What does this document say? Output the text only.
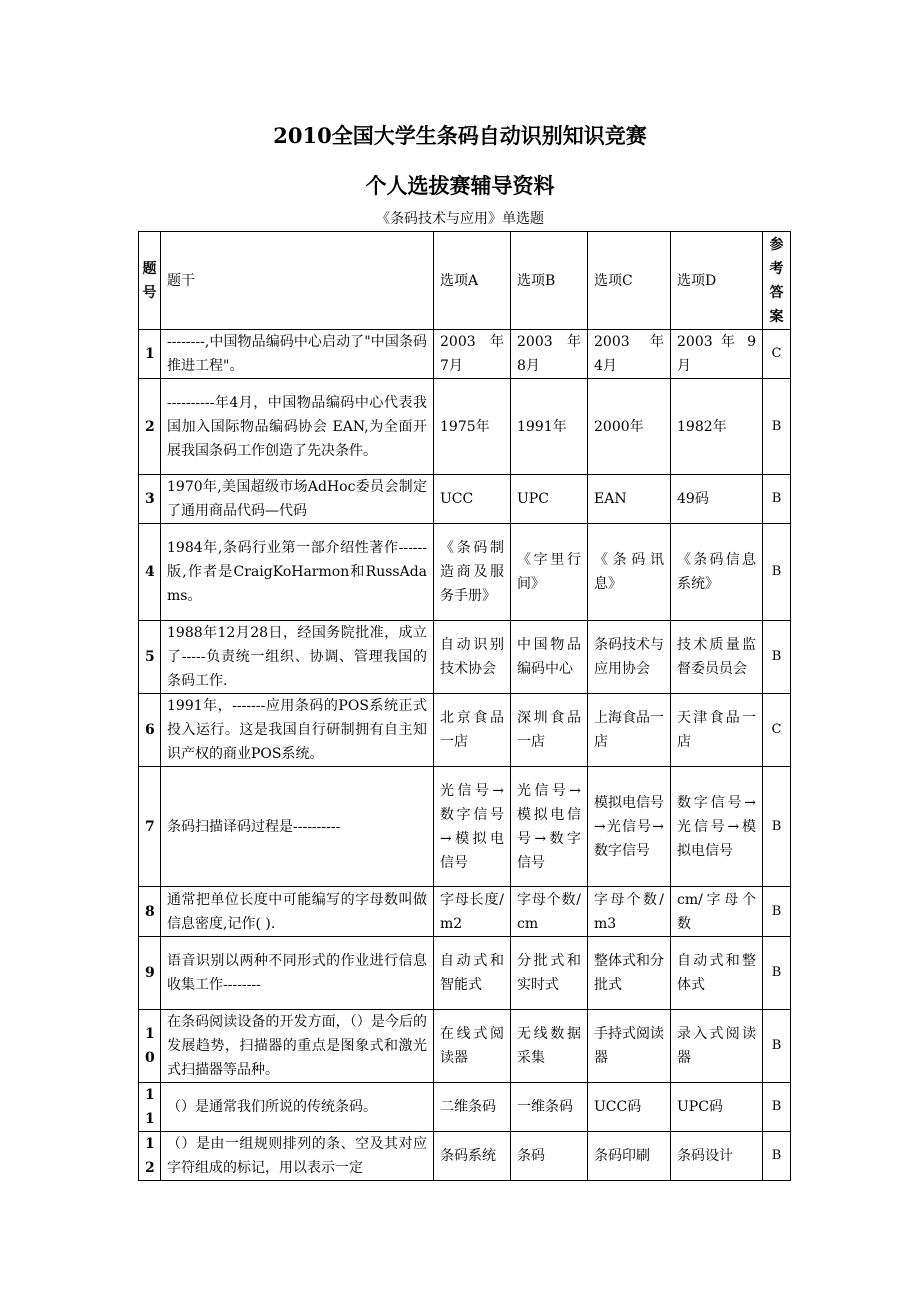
2010全国大学生条码自动识别知识竞赛
个人选拔赛辅导资料
《条码技术与应用》单选题
题号	题干	选项A	选项B	选项C	选项D	参考答案
1	--------,中国物品编码中心启动了"中国条码推进工程"。	2003 年 7月	2003 年 8月	2003　年 4月	2003 年 9 月	C
2	----------年4月，中国物品编码中心代表我国加入国际物品编码协会 EAN,为全面开展我国条码工作创造了先决条件。	1975年	1991年	2000年	1982年	B
3	1970年,美国超级市场AdHoc委员会制定了通用商品代码—代码	UCC	UPC	EAN	49码	B
4	1984年,条码行业第一部介绍性著作------版,作者是CraigKoHarmon和RussAdams。	《条码制造商及服务手册》	《字里行间》	《条码讯息》	《条码信息系统》	B
5	1988年12月28日，经国务院批准，成立了-----负责统一组织、协调、管理我国的条码工作.	自动识别技术协会	中国物品编码中心	条码技术与应用协会	技术质量监督委员员会	B
6	1991年，-------应用条码的POS系统正式投入运行。这是我国自行研制拥有自主知识产权的商业POS系统。	北京食品一店	深圳食品一店	上海食品一店	天津食品一店	C
7	条码扫描译码过程是----------	光信号→数字信号→模拟电信号	光信号→模拟电信号→数字信号	模拟电信号→光信号→数字信号	数字信号→光信号→模拟电信号	B
8	通常把单位长度中可能编写的字母数叫做信息密度,记作( ).	字母长度/m2	字母个数/cm	字母个数/m3	cm/字母个数	B
9	语音识别以两种不同形式的作业进行信息收集工作--------	自动式和智能式	分批式和实时式	整体式和分批式	自动式和整体式	B
10	在条码阅读设备的开发方面，（）是今后的发展趋势，扫描器的重点是图象式和激光式扫描器等品种。	在线式阅读器	无线数据采集	手持式阅读器	录入式阅读器	B
11	（）是通常我们所说的传统条码。	二维条码	一维条码	UCC码	UPC码	B
12	（）是由一组规则排列的条、空及其对应字符组成的标记，用以表示一定	条码系统	条码	条码印刷	条码设计	B
